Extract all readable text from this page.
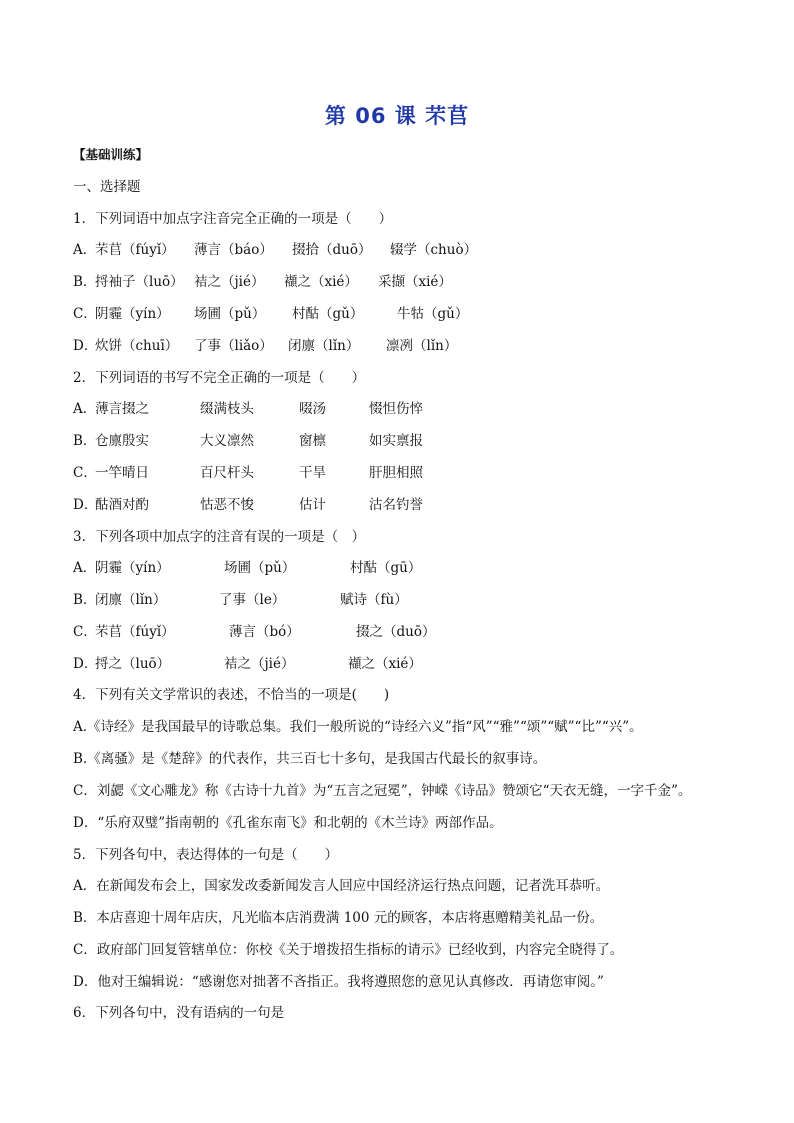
第 06 课 芣苢
【基础训练】
一、选择题
1．下列词语中加点字注音完全正确的一项是（　　）
A．芣苢（fúyǐ） 薄言（báo） 掇拾（duō） 辍学（chuò）
B．捋袖子（luō） 袺之（jié） 襭之（xié） 采撷（xié）
C．阴霾（yín） 场圃（pǔ） 村酤（gǔ） 牛牯（gǔ）
D．炊饼（chuī） 了事（liǎo） 闭廪（lǐn） 凛冽（lǐn）
2．下列词语的书写不完全正确的一项是（　　）
A．薄言掇之	缀满枝头	啜汤	惙怛伤悴
B．仓廪殷实	大义凛然	窗檩	如实禀报
C．一竿晴日	百尺杆头	干旱	肝胆相照
D．酤酒对酌	怙恶不悛	估计	沽名钓誉
3．下列各项中加点字的注音有误的一项是（　）
A．阴霾（yín）	场圃（pǔ）	村酤（gū）
B．闭廪（lǐn）	了事（le）	赋诗（fù）
C．芣苢（fúyǐ）	薄言（bó）	掇之（duō）
D．捋之（luō）	袺之（jié）	襭之（xié）
4．下列有关文学常识的表述，不恰当的一项是(　　)
A.《诗经》是我国最早的诗歌总集。我们一般所说的“诗经六义”指“风”“雅”“颂”“赋”“比”“兴”。
B.《离骚》是《楚辞》的代表作，共三百七十多句，是我国古代最长的叙事诗。
C．刘勰《文心雕龙》称《古诗十九首》为“五言之冠冕”，钟嵘《诗品》赞颂它“天衣无缝，一字千金”。
D．“乐府双璧”指南朝的《孔雀东南飞》和北朝的《木兰诗》两部作品。
5．下列各句中，表达得体的一句是（　　）
A．在新闻发布会上，国家发改委新闻发言人回应中国经济运行热点问题，记者洗耳恭听。
B．本店喜迎十周年店庆，凡光临本店消费满 100 元的顾客，本店将惠赠精美礼品一份。
C．政府部门回复管辖单位：你校《关于增拨招生指标的请示》已经收到，内容完全晓得了。
D．他对王编辑说：“感谢您对拙著不吝指正。我将遵照您的意见认真修改．再请您审阅。”
6．下列各句中，没有语病的一句是
